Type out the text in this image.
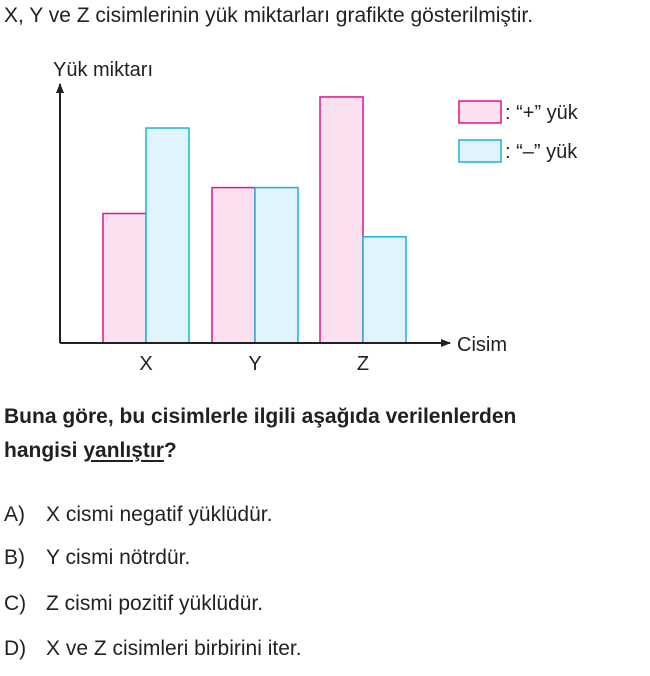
X, Y ve Z cisimlerinin yük miktarları grafikte gösterilmiştir.
Yük miktarı
Cisim
X	Y	Z
: “+” yük
: “–” yük
Buna göre, bu cisimlerle ilgili aşağıda verilenlerden
hangisi yanlıştır?
A) X cismi negatif yüklüdür.
B) Y cismi nötrdür.
C) Z cismi pozitif yüklüdür.
D) X ve Z cisimleri birbirini iter.
